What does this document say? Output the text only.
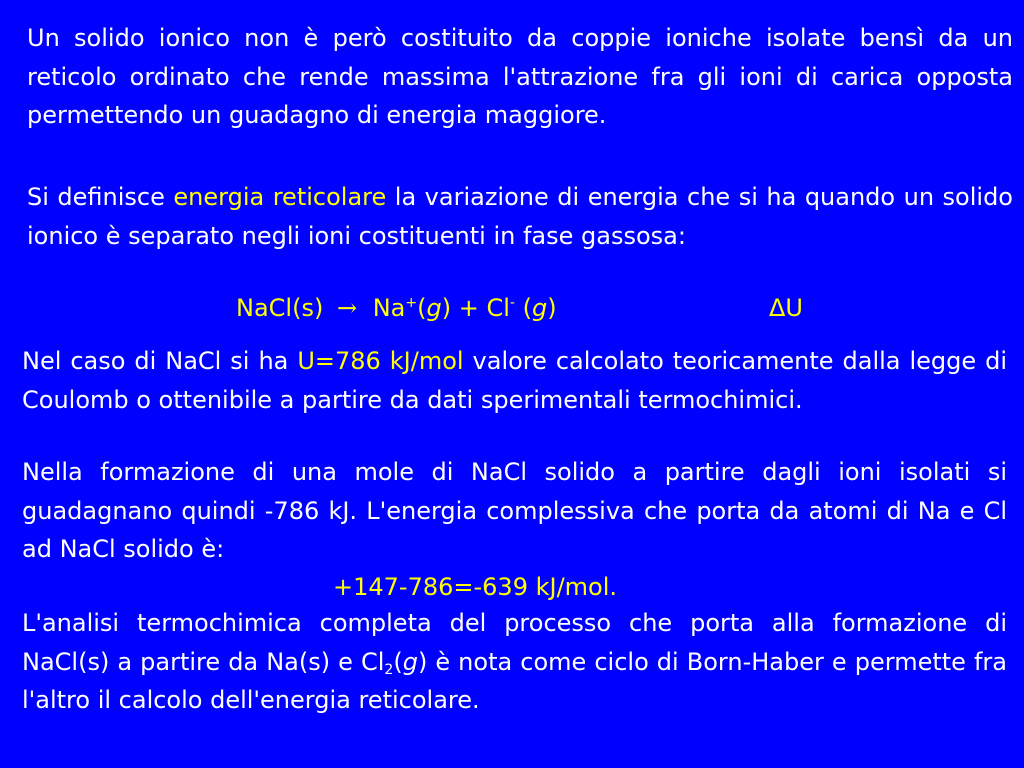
Un solido ionico non è però costituito da coppie ioniche isolate bensì da un reticolo ordinato che rende massima l'attrazione fra gli ioni di carica opposta permettendo un guadagno di energia maggiore.

Si definisce energia reticolare la variazione di energia che si ha quando un solido ionico è separato negli ioni costituenti in fase gassosa:

NaCl(s) → Na+(g) + Cl- (g)	ΔU

Nel caso di NaCl si ha U=786 kJ/mol valore calcolato teoricamente dalla legge di Coulomb o ottenibile a partire da dati sperimentali termochimici.

Nella formazione di una mole di NaCl solido a partire dagli ioni isolati si guadagnano quindi -786 kJ. L'energia complessiva che porta da atomi di Na e Cl ad NaCl solido è:

+147-786=-639 kJ/mol.

L'analisi termochimica completa del processo che porta alla formazione di NaCl(s) a partire da Na(s) e $Cl_2(g)$ è nota come ciclo di Born-Haber e permette fra l'altro il calcolo dell'energia reticolare.
